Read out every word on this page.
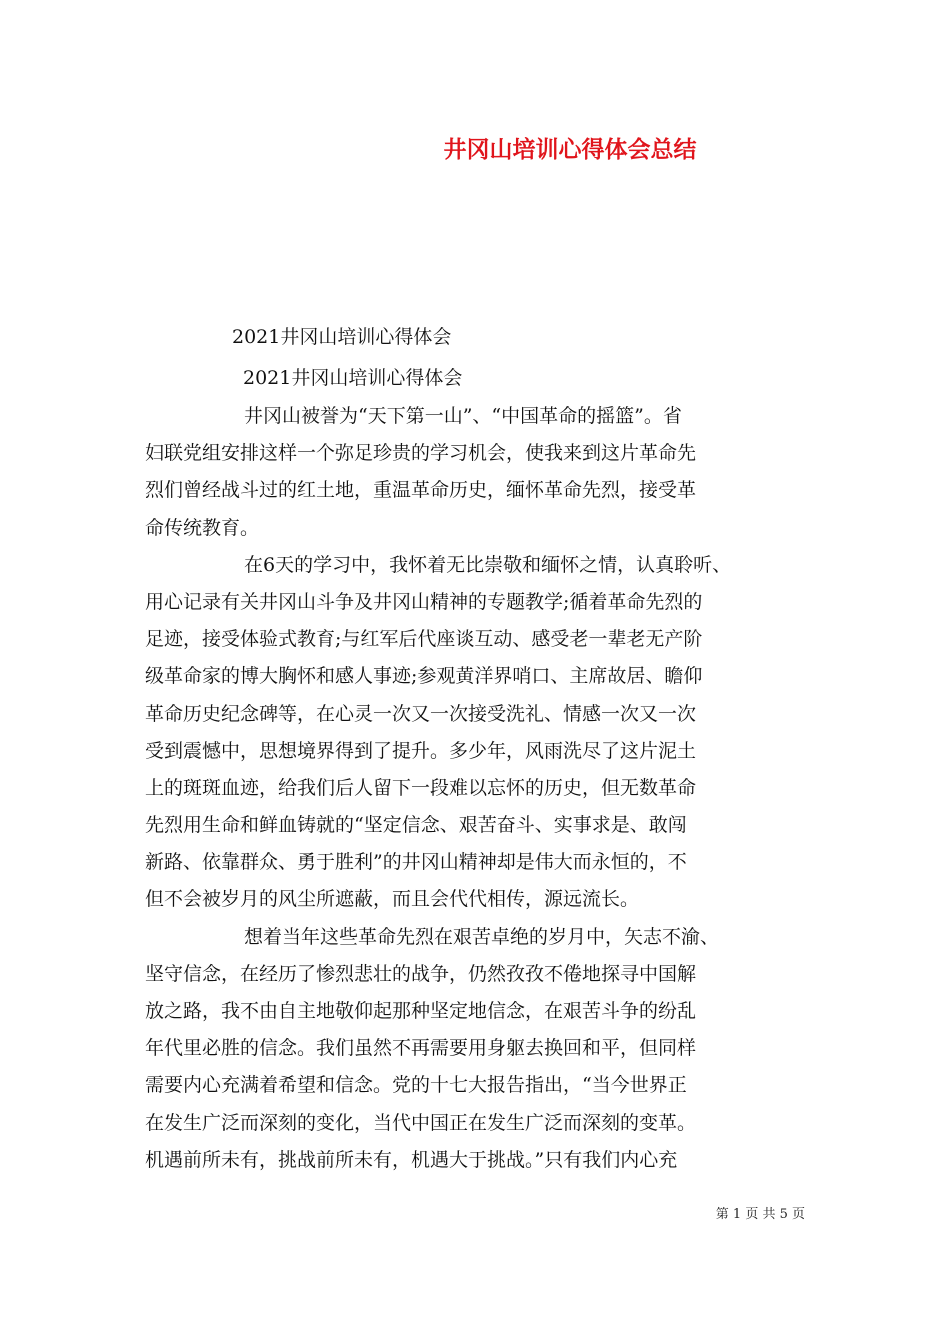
井冈山培训心得体会总结

2021井冈山培训心得体会

2021井冈山培训心得体会

井冈山被誉为“天下第一山”、“中国革命的摇篮”。省
妇联党组安排这样一个弥足珍贵的学习机会，使我来到这片革命先
烈们曾经战斗过的红土地，重温革命历史，缅怀革命先烈，接受革
命传统教育。

在6天的学习中，我怀着无比崇敬和缅怀之情，认真聆听、
用心记录有关井冈山斗争及井冈山精神的专题教学;循着革命先烈的
足迹，接受体验式教育;与红军后代座谈互动、感受老一辈老无产阶
级革命家的博大胸怀和感人事迹;参观黄洋界哨口、主席故居、瞻仰
革命历史纪念碑等，在心灵一次又一次接受洗礼、情感一次又一次
受到震憾中，思想境界得到了提升。多少年，风雨洗尽了这片泥土
上的斑斑血迹，给我们后人留下一段难以忘怀的历史，但无数革命
先烈用生命和鲜血铸就的“坚定信念、艰苦奋斗、实事求是、敢闯
新路、依靠群众、勇于胜利”的井冈山精神却是伟大而永恒的，不
但不会被岁月的风尘所遮蔽，而且会代代相传，源远流长。

想着当年这些革命先烈在艰苦卓绝的岁月中，矢志不渝、
坚守信念，在经历了惨烈悲壮的战争，仍然孜孜不倦地探寻中国解
放之路，我不由自主地敬仰起那种坚定地信念，在艰苦斗争的纷乱
年代里必胜的信念。我们虽然不再需要用身躯去换回和平，但同样
需要内心充满着希望和信念。党的十七大报告指出，“当今世界正
在发生广泛而深刻的变化，当代中国正在发生广泛而深刻的变革。
机遇前所未有，挑战前所未有，机遇大于挑战。”只有我们内心充

第 1 页 共 5 页
